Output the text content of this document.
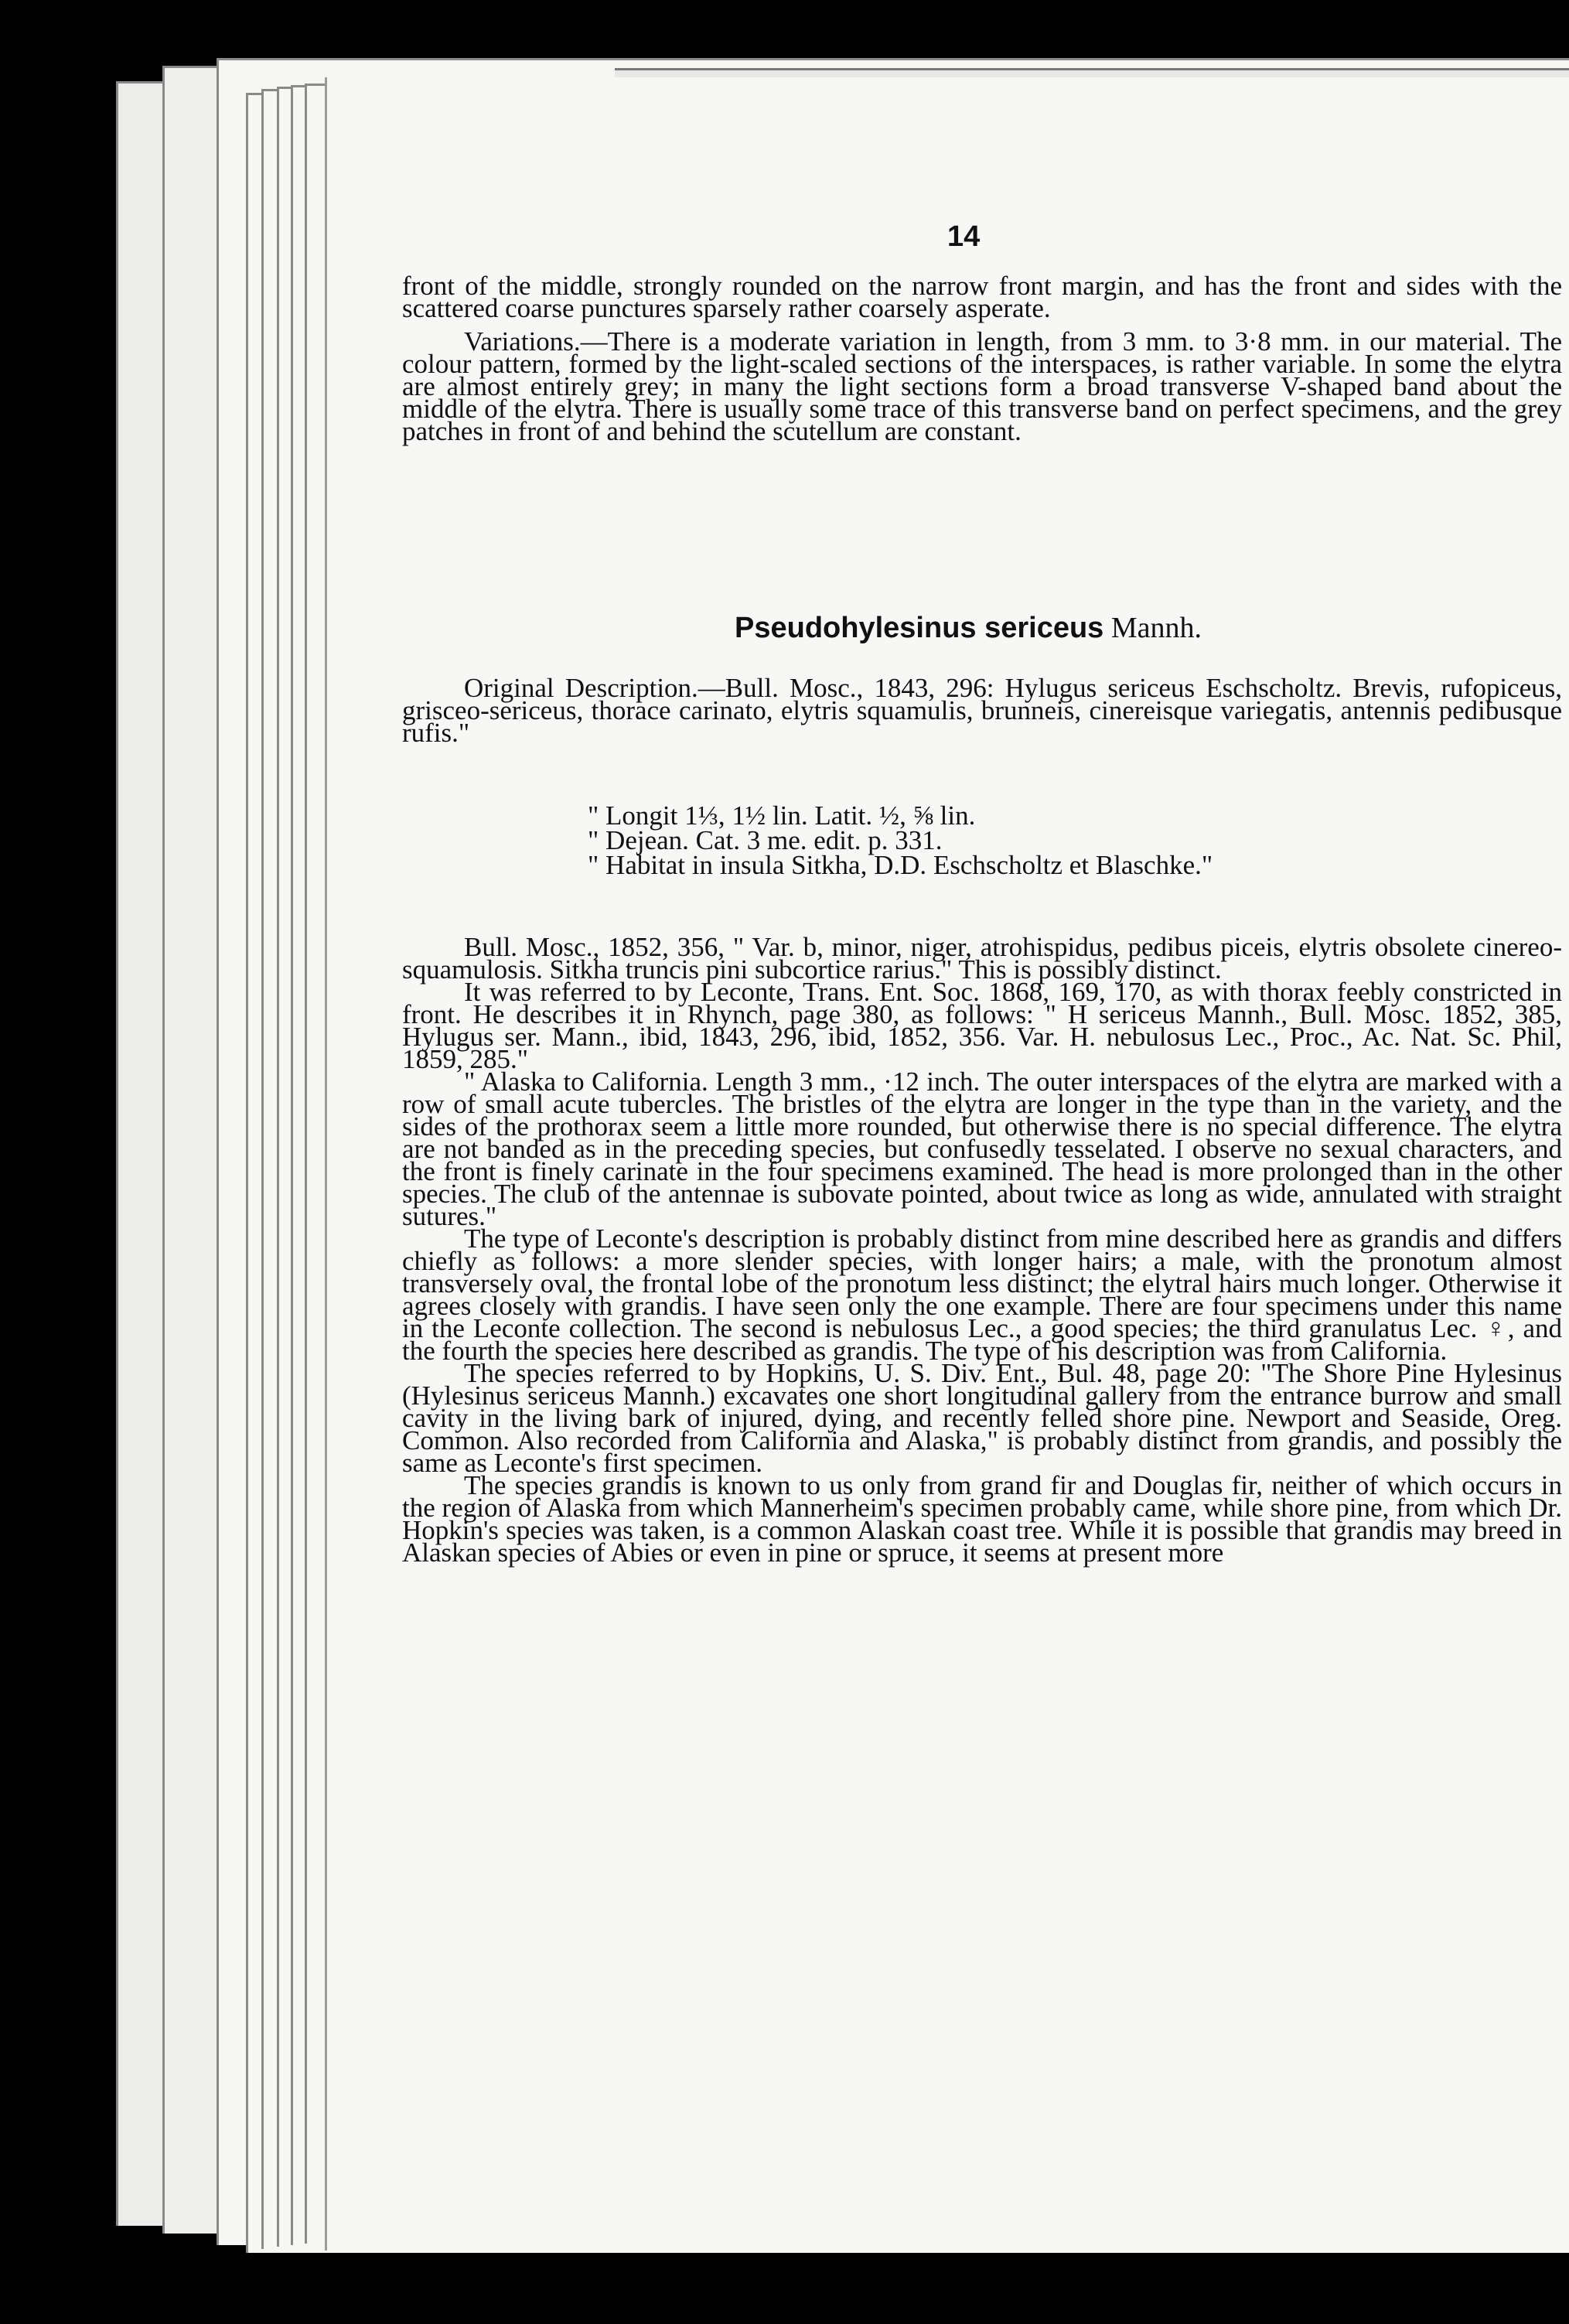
14

front of the middle, strongly rounded on the narrow front margin, and has the front and sides with the scattered coarse punctures sparsely rather coarsely asperate.

Variations.—There is a moderate variation in length, from 3 mm. to 3·8 mm. in our material. The colour pattern, formed by the light-scaled sections of the interspaces, is rather variable. In some the elytra are almost entirely grey; in many the light sections form a broad transverse V-shaped band about the middle of the elytra. There is usually some trace of this transverse band on perfect specimens, and the grey patches in front of and behind the scutellum are constant.

Pseudohylesinus sericeus Mannh.

Original Description.—Bull. Mosc., 1843, 296: Hylugus sericeus Eschscholtz. Brevis, rufopiceus, grisceo-sericeus, thorace carinato, elytris squamulis, brunneis, cinereisque variegatis, antennis pedibusque rufis."

" Longit 1⅓, 1½ lin. Latit. ½, ⅝ lin.
" Dejean. Cat. 3 me. edit. p. 331.
" Habitat in insula Sitkha, D.D. Eschscholtz et Blaschke."

Bull. Mosc., 1852, 356, " Var. b, minor, niger, atrohispidus, pedibus piceis, elytris obsolete cinereo-squamulosis. Sitkha truncis pini subcortice rarius." This is possibly distinct.

It was referred to by Leconte, Trans. Ent. Soc. 1868, 169, 170, as with thorax feebly constricted in front. He describes it in Rhynch, page 380, as follows: " H sericeus Mannh., Bull. Mosc. 1852, 385, Hylugus ser. Mann., ibid, 1843, 296, ibid, 1852, 356. Var. H. nebulosus Lec., Proc., Ac. Nat. Sc. Phil, 1859, 285."

" Alaska to California. Length 3 mm., ·12 inch. The outer interspaces of the elytra are marked with a row of small acute tubercles. The bristles of the elytra are longer in the type than in the variety, and the sides of the prothorax seem a little more rounded, but otherwise there is no special difference. The elytra are not banded as in the preceding species, but confusedly tesselated. I observe no sexual characters, and the front is finely carinate in the four specimens examined. The head is more prolonged than in the other species. The club of the antennae is subovate pointed, about twice as long as wide, annulated with straight sutures."

The type of Leconte's description is probably distinct from mine described here as grandis and differs chiefly as follows: a more slender species, with longer hairs; a male, with the pronotum almost transversely oval, the frontal lobe of the pronotum less distinct; the elytral hairs much longer. Otherwise it agrees closely with grandis. I have seen only the one example. There are four specimens under this name in the Leconte collection. The second is nebulosus Lec., a good species; the third granulatus Lec. ♀, and the fourth the species here described as grandis. The type of his description was from California.

The species referred to by Hopkins, U. S. Div. Ent., Bul. 48, page 20: "The Shore Pine Hylesinus (Hylesinus sericeus Mannh.) excavates one short longitudinal gallery from the entrance burrow and small cavity in the living bark of injured, dying, and recently felled shore pine. Newport and Seaside, Oreg. Common. Also recorded from California and Alaska," is probably distinct from grandis, and possibly the same as Leconte's first specimen.

The species grandis is known to us only from grand fir and Douglas fir, neither of which occurs in the region of Alaska from which Mannerheim's specimen probably came, while shore pine, from which Dr. Hopkin's species was taken, is a common Alaskan coast tree. While it is possible that grandis may breed in Alaskan species of Abies or even in pine or spruce, it seems at present more
